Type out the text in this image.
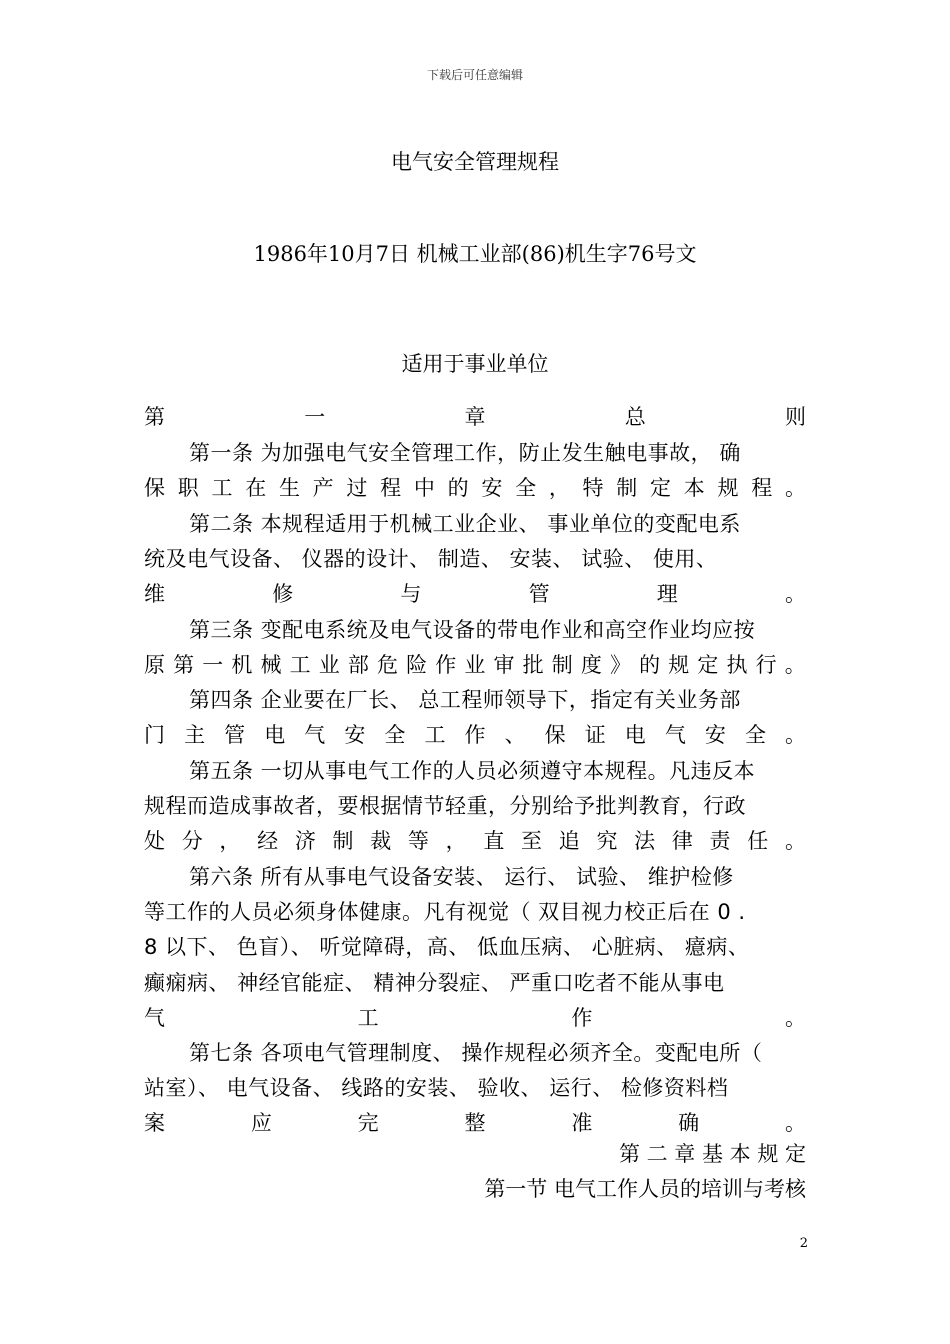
下载后可任意编辑
电气安全管理规程
1986年10月7日 机械工业部(86)机生字76号文
适用于事业单位
第	一	章	总	则
第一条 为加强电气安全管理工作，防止发生触电事故， 确
保 职 工 在 生 产 过 程 中 的 安 全 ， 特 制 定 本 规 程 。
第二条 本规程适用于机械工业企业、 事业单位的变配电系
统及电气设备、 仪器的设计、 制造、 安装、 试验、 使用、
维	修	与	管	理	。
第三条 变配电系统及电气设备的带电作业和高空作业均应按
原 第 一 机 械 工 业 部 危 险 作 业 审 批 制 度 》 的 规 定 执 行 。
第四条 企业要在厂长、 总工程师领导下，指定有关业务部
门 主 管 电 气 安 全 工 作 、 保 证 电 气 安 全 。
第五条 一切从事电气工作的人员必须遵守本规程。凡违反本
规程而造成事故者，要根据情节轻重，分别给予批判教育，行政
处 分 ， 经 济 制 裁 等 ， 直 至 追 究 法 律 责 任 。
第六条 所有从事电气设备安装、 运行、 试验、 维护检修
等工作的人员必须身体健康。凡有视觉（ 双目视力校正后在 0 .
8 以下、 色盲）、 听觉障碍，高、 低血压病、 心脏病、 癔病、
癫痫病、 神经官能症、 精神分裂症、 严重口吃者不能从事电
气	工	作	。
第七条 各项电气管理制度、 操作规程必须齐全。变配电所（
站室）、 电气设备、 线路的安装、 验收、 运行、 检修资料档
案	应	完	整	准	确	。
第 二 章 基 本 规 定
第一节 电气工作人员的培训与考核
2
